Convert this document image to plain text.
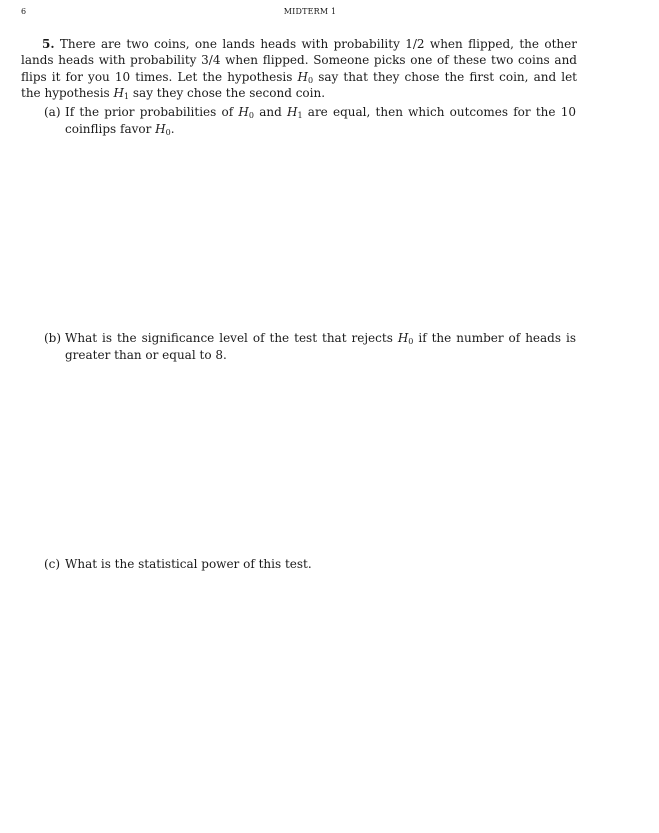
6	MIDTERM 1

5. There are two coins, one lands heads with probability 1/2 when flipped, the other lands heads with probability 3/4 when flipped. Someone picks one of these two coins and flips it for you 10 times. Let the hypothesis $H_0$ say that they chose the first coin, and let the hypothesis $H_1$ say they chose the second coin.

(a) If the prior probabilities of $H_0$ and $H_1$ are equal, then which outcomes for the 10 coinflips favor $H_0$.
(b) What is the significance level of the test that rejects $H_0$ if the number of heads is greater than or equal to 8.
(c) What is the statistical power of this test.
